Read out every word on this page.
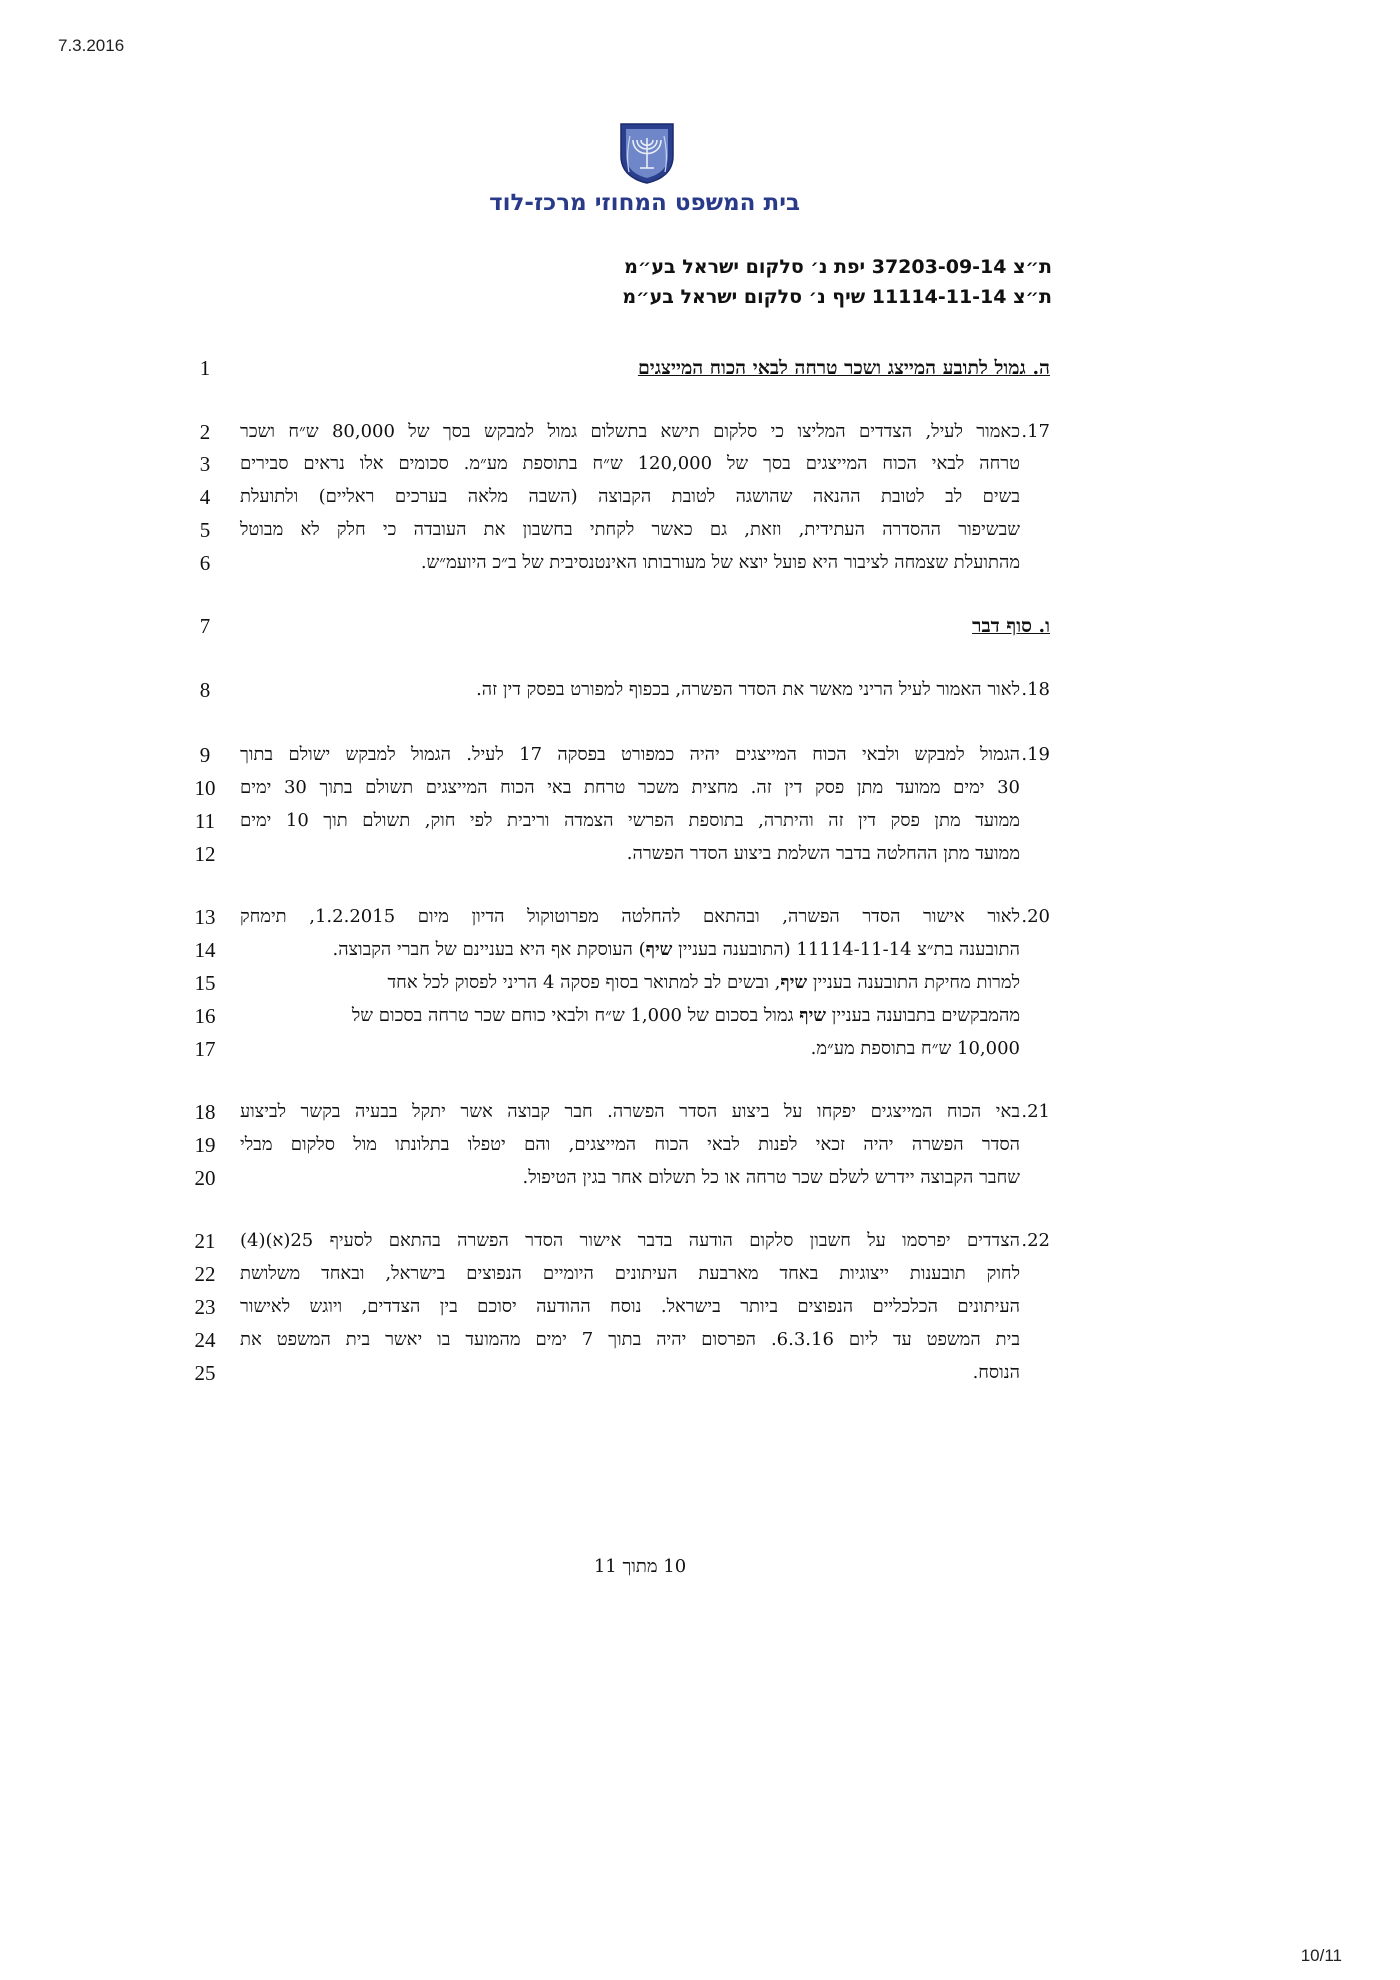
7.3.2016
בית המשפט המחוזי מרכז-לוד
ת״צ 37203-09-14 יפת נ׳ סלקום ישראל בע״מ
ת״צ 11114-11-14 שיף נ׳ סלקום ישראל בע״מ
1
2
3
4
5
6
7
8
9
10
11
12
13
14
15
16
17
18
19
20
21
22
23
24
25
ה. גמול לתובע המייצג ושכר טרחה לבאי הכוח המייצגים
17.כאמור לעיל, הצדדים המליצו כי סלקום תישא בתשלום גמול למבקש בסך של 80,000 ש״ח ושכר
טרחה לבאי הכוח המייצגים בסך של 120,000 ש״ח בתוספת מע״מ. סכומים אלו נראים סבירים
בשים לב לטובת ההנאה שהושגה לטובת הקבוצה (השבה מלאה בערכים ראליים) ולתועלת
שבשיפור ההסדרה העתידית, וזאת, גם כאשר לקחתי בחשבון את העובדה כי חלק לא מבוטל
מהתועלת שצמחה לציבור היא פועל יוצא של מעורבותו האינטנסיבית של ב״כ היועמ״ש.
ו. סוף דבר
18.לאור האמור לעיל הריני מאשר את הסדר הפשרה, בכפוף למפורט בפסק דין זה.
19.הגמול למבקש ולבאי הכוח המייצגים יהיה כמפורט בפסקה 17 לעיל. הגמול למבקש ישולם בתוך
30 ימים ממועד מתן פסק דין זה. מחצית משכר טרחת באי הכוח המייצגים תשולם בתוך 30 ימים
ממועד מתן פסק דין זה והיתרה, בתוספת הפרשי הצמדה וריבית לפי חוק, תשולם תוך 10 ימים
ממועד מתן ההחלטה בדבר השלמת ביצוע הסדר הפשרה.
20.לאור אישור הסדר הפשרה, ובהתאם להחלטה מפרוטוקול הדיון מיום 1.2.2015, תימחק
התובענה בת״צ 11114-11-14 (התובענה בעניין שיף) העוסקת אף היא בעניינם של חברי הקבוצה.
למרות מחיקת התובענה בעניין שיף, ובשים לב למתואר בסוף פסקה 4 הריני לפסוק לכל אחד
מהמבקשים בתבוענה בעניין שיף גמול בסכום של 1,000 ש״ח ולבאי כוחם שכר טרחה בסכום של
10,000 ש״ח בתוספת מע״מ.
21.באי הכוח המייצגים יפקחו על ביצוע הסדר הפשרה. חבר קבוצה אשר יתקל בבעיה בקשר לביצוע
הסדר הפשרה יהיה זכאי לפנות לבאי הכוח המייצגים, והם יטפלו בתלונתו מול סלקום מבלי
שחבר הקבוצה יידרש לשלם שכר טרחה או כל תשלום אחר בגין הטיפול.
22.הצדדים יפרסמו על חשבון סלקום הודעה בדבר אישור הסדר הפשרה בהתאם לסעיף 25(א)(4)
לחוק תובענות ייצוגיות באחד מארבעת העיתונים היומיים הנפוצים בישראל, ובאחד משלושת
העיתונים הכלכליים הנפוצים ביותר בישראל. נוסח ההודעה יסוכם בין הצדדים, ויוגש לאישור
בית המשפט עד ליום 6.3.16. הפרסום יהיה בתוך 7 ימים מהמועד בו יאשר בית המשפט את
הנוסח.
10 מתוך 11
10/11
